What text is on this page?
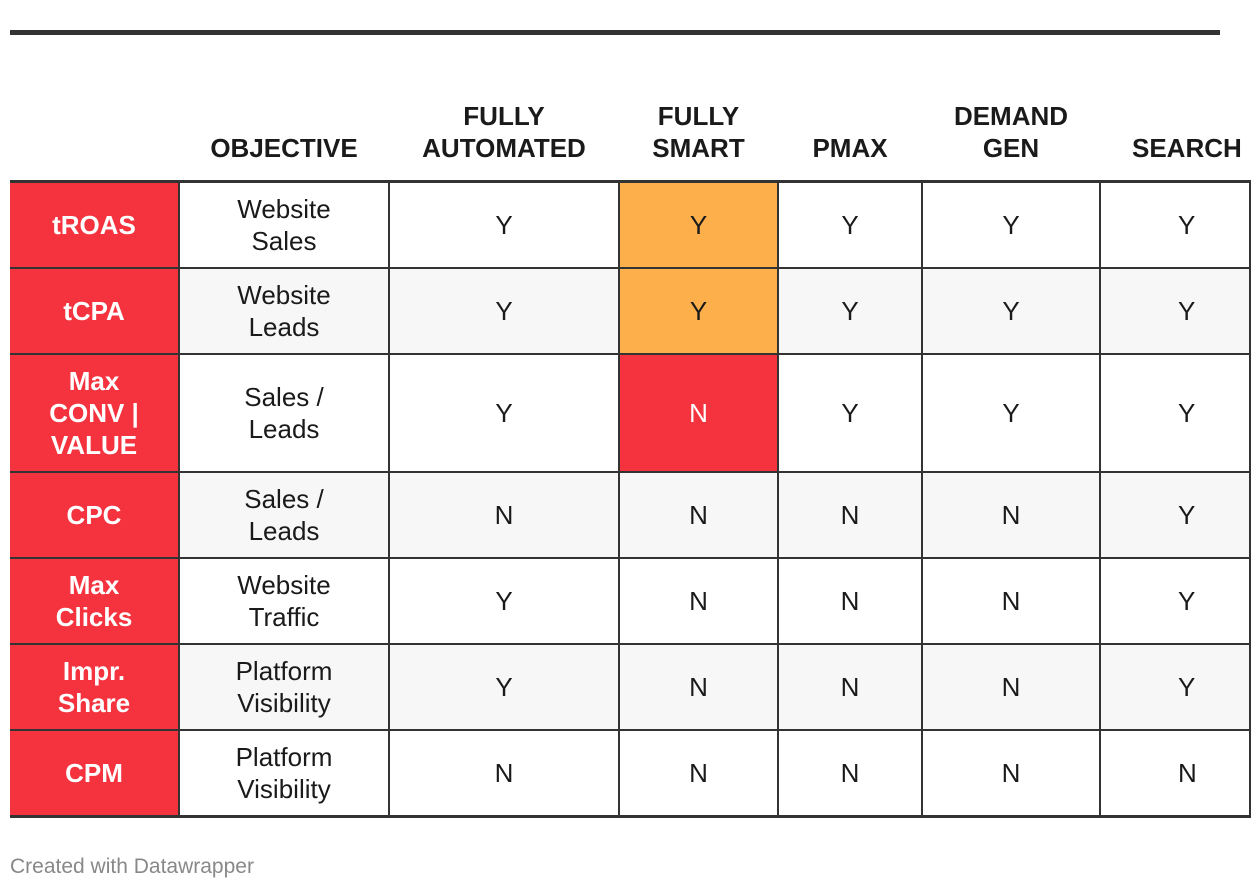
	OBJECTIVE	FULLY
AUTOMATED	FULLY
SMART	PMAX	DEMAND
GEN	SEARCH

tROAS	Website
Sales	Y	Y	Y	Y	Y

tCPA	Website
Leads	Y	Y	Y	Y	Y

Max
CONV |
VALUE	Sales /
Leads	Y	N	Y	Y	Y

CPC	Sales /
Leads	N	N	N	N	Y

Max
Clicks	Website
Traffic	Y	N	N	N	Y

Impr.
Share	Platform
Visibility	Y	N	N	N	Y

CPM	Platform
Visibility	N	N	N	N	N
Created with Datawrapper
